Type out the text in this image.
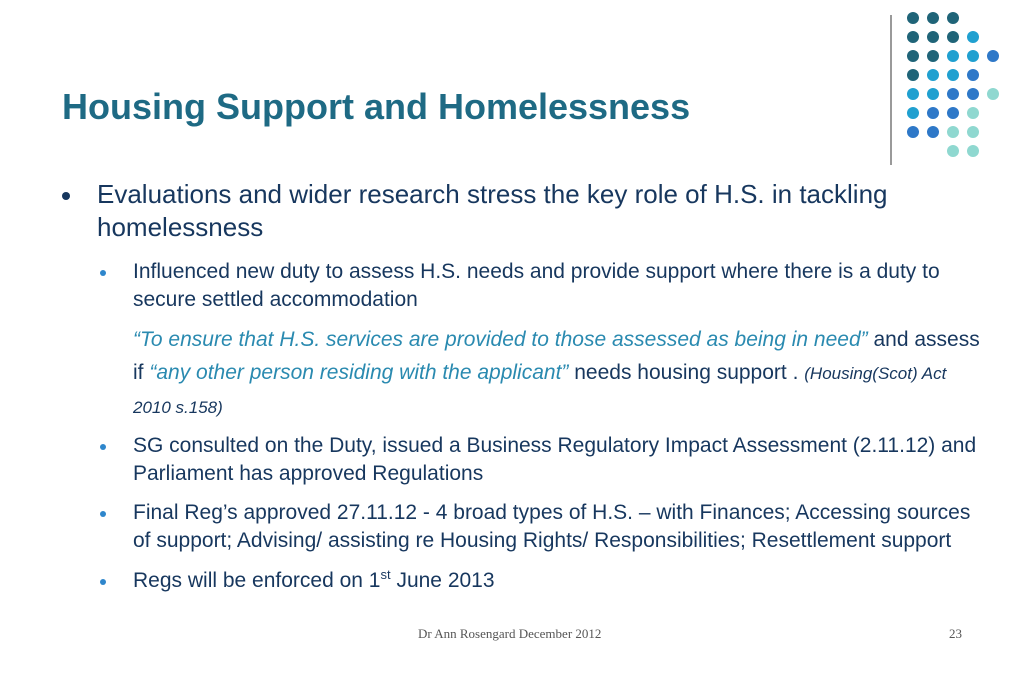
Housing Support and Homelessness
Evaluations and wider research stress the key role of H.S. in tackling homelessness
Influenced new duty to assess H.S. needs and provide support where there is a duty to secure settled accommodation
“To ensure that H.S. services are provided to those assessed as being in need” and assess if “any other person residing with the applicant” needs housing support . (Housing(Scot) Act 2010 s.158)
SG consulted on the Duty, issued a Business Regulatory Impact Assessment (2.11.12) and Parliament has approved Regulations
Final Reg’s approved 27.11.12 - 4 broad types of H.S. – with Finances; Accessing sources of support; Advising/ assisting re Housing Rights/ Responsibilities; Resettlement support
Regs will be enforced on 1st June 2013
Dr Ann Rosengard December 2012	23
